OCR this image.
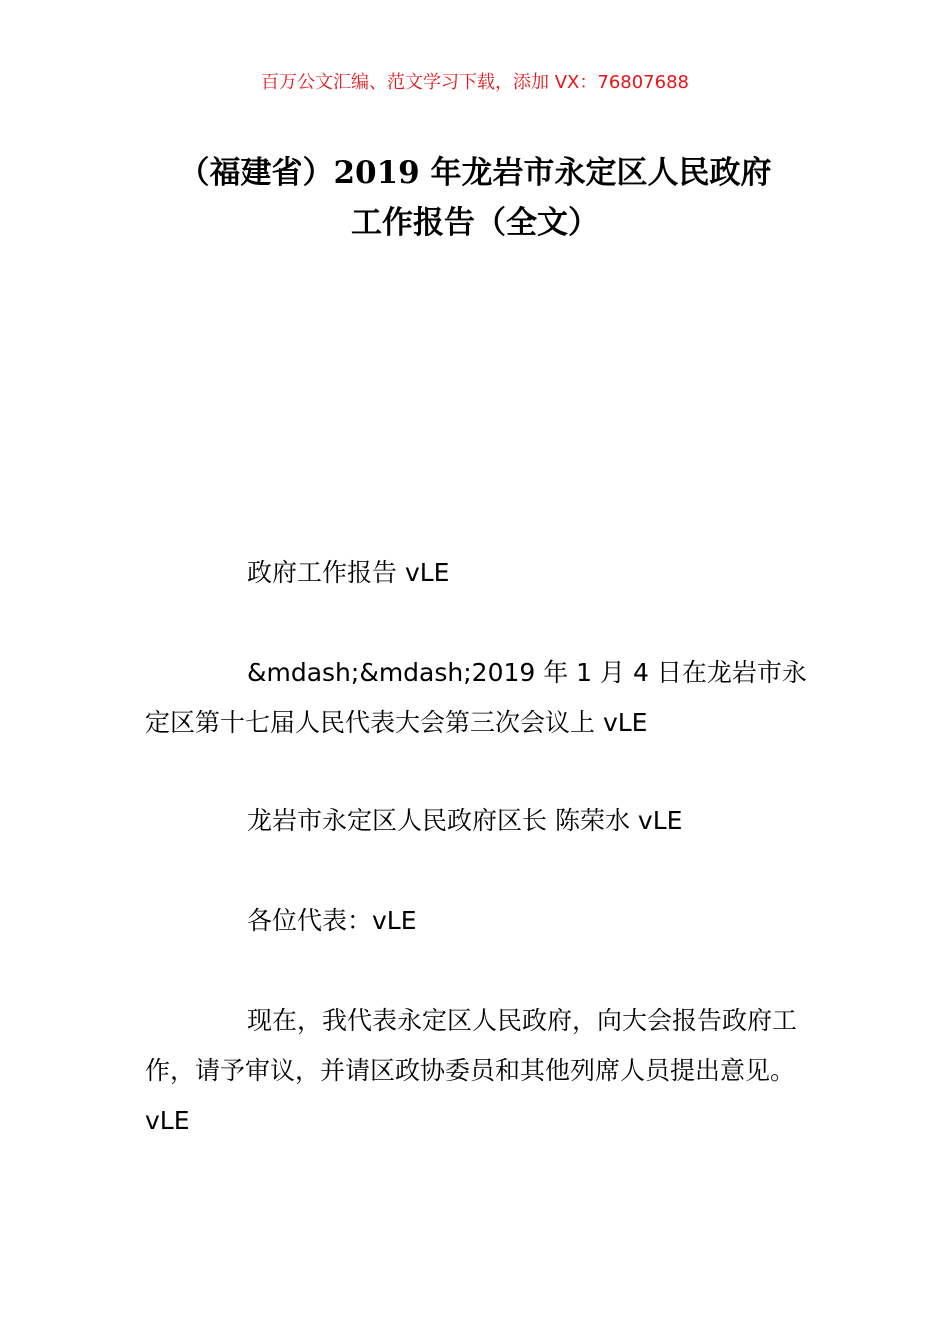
百万公文汇编、范文学习下载，添加 VX：76807688
（福建省）2019 年龙岩市永定区人民政府
工作报告（全文）

政府工作报告 vLE

&mdash;&mdash;2019 年 1 月 4 日在龙岩市永定区第十七届人民代表大会第三次会议上 vLE

龙岩市永定区人民政府区长 陈荣水 vLE

各位代表：vLE

现在，我代表永定区人民政府，向大会报告政府工作，请予审议，并请区政协委员和其他列席人员提出意见。vLE
